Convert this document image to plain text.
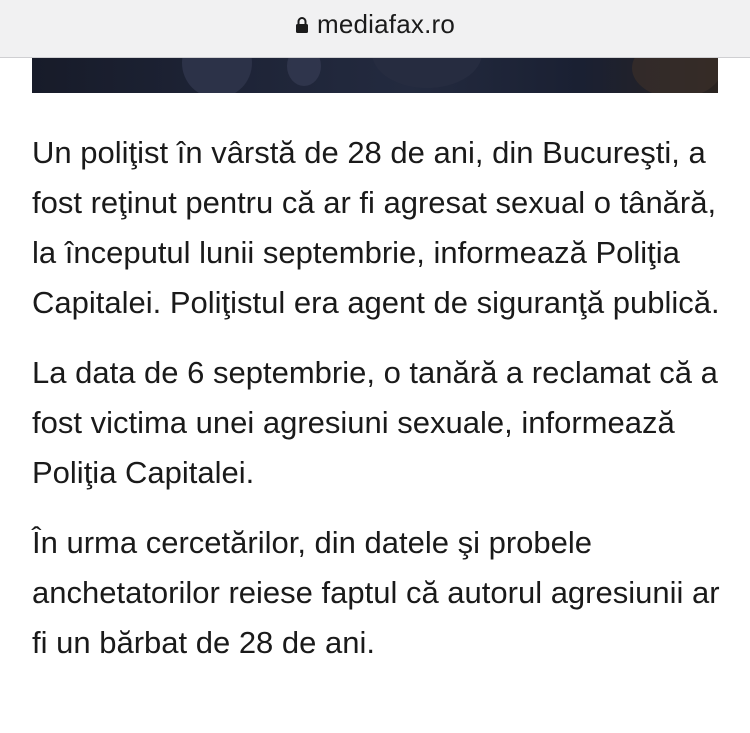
mediafax.ro

Un poliţist în vârstă de 28 de ani, din Bucureşti, a fost reţinut pentru că ar fi agresat sexual o tânără, la începutul lunii septembrie, informează Poliţia Capitalei. Poliţistul era agent de siguranţă publică.

La data de 6 septembrie, o tanără a reclamat că a fost victima unei agresiuni sexuale, informează Poliţia Capitalei.

În urma cercetărilor, din datele şi probele anchetatorilor reiese faptul că autorul agresiunii ar fi un bărbat de 28 de ani.
